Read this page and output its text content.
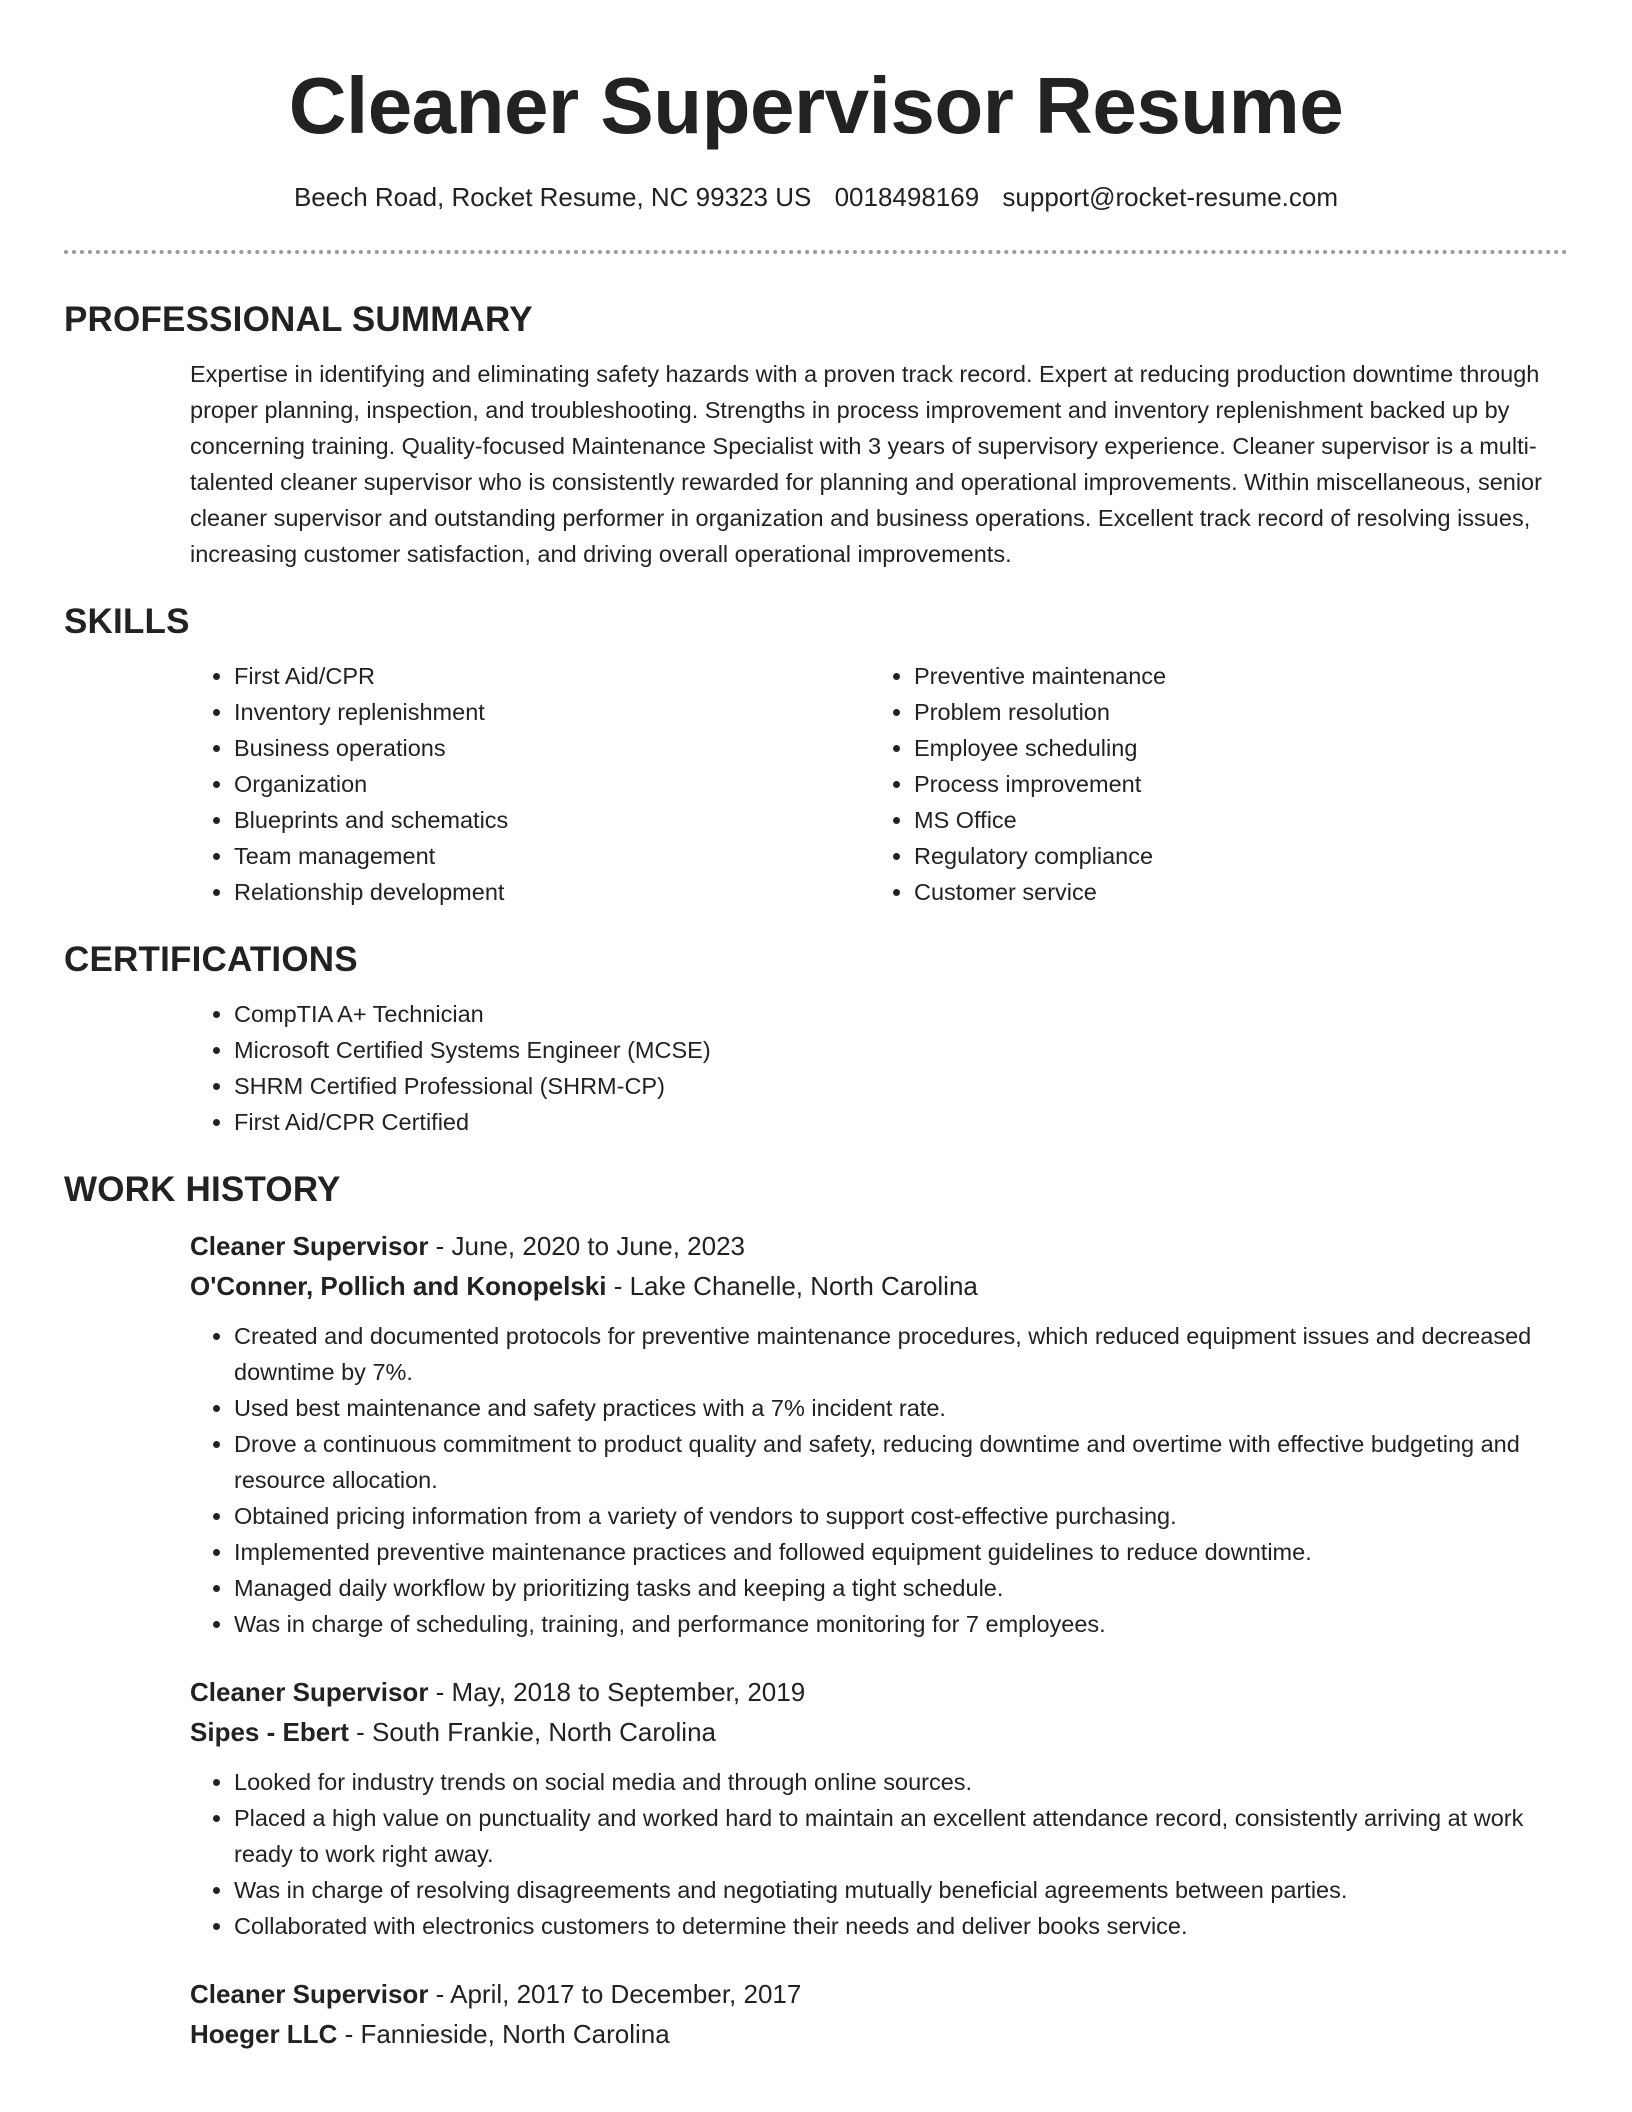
Cleaner Supervisor Resume
Beech Road, Rocket Resume, NC 99323 US 0018498169 support@rocket-resume.com
PROFESSIONAL SUMMARY

Expertise in identifying and eliminating safety hazards with a proven track record. Expert at reducing production downtime through proper planning, inspection, and troubleshooting. Strengths in process improvement and inventory replenishment backed up by concerning training. Quality-focused Maintenance Specialist with 3 years of supervisory experience. Cleaner supervisor is a multi-talented cleaner supervisor who is consistently rewarded for planning and operational improvements. Within miscellaneous, senior cleaner supervisor and outstanding performer in organization and business operations. Excellent track record of resolving issues, increasing customer satisfaction, and driving overall operational improvements.

SKILLS
• First Aid/CPR
• Inventory replenishment
• Business operations
• Organization
• Blueprints and schematics
• Team management
• Relationship development
• Preventive maintenance
• Problem resolution
• Employee scheduling
• Process improvement
• MS Office
• Regulatory compliance
• Customer service
CERTIFICATIONS
• CompTIA A+ Technician
• Microsoft Certified Systems Engineer (MCSE)
• SHRM Certified Professional (SHRM-CP)
• First Aid/CPR Certified
WORK HISTORY
Cleaner Supervisor - June, 2020 to June, 2023
O'Conner, Pollich and Konopelski - Lake Chanelle, North Carolina
• Created and documented protocols for preventive maintenance procedures, which reduced equipment issues and decreased downtime by 7%.
• Used best maintenance and safety practices with a 7% incident rate.
• Drove a continuous commitment to product quality and safety, reducing downtime and overtime with effective budgeting and resource allocation.
• Obtained pricing information from a variety of vendors to support cost-effective purchasing.
• Implemented preventive maintenance practices and followed equipment guidelines to reduce downtime.
• Managed daily workflow by prioritizing tasks and keeping a tight schedule.
• Was in charge of scheduling, training, and performance monitoring for 7 employees.
Cleaner Supervisor - May, 2018 to September, 2019
Sipes - Ebert - South Frankie, North Carolina
• Looked for industry trends on social media and through online sources.
• Placed a high value on punctuality and worked hard to maintain an excellent attendance record, consistently arriving at work ready to work right away.
• Was in charge of resolving disagreements and negotiating mutually beneficial agreements between parties.
• Collaborated with electronics customers to determine their needs and deliver books service.
Cleaner Supervisor - April, 2017 to December, 2017
Hoeger LLC - Fannieside, North Carolina
